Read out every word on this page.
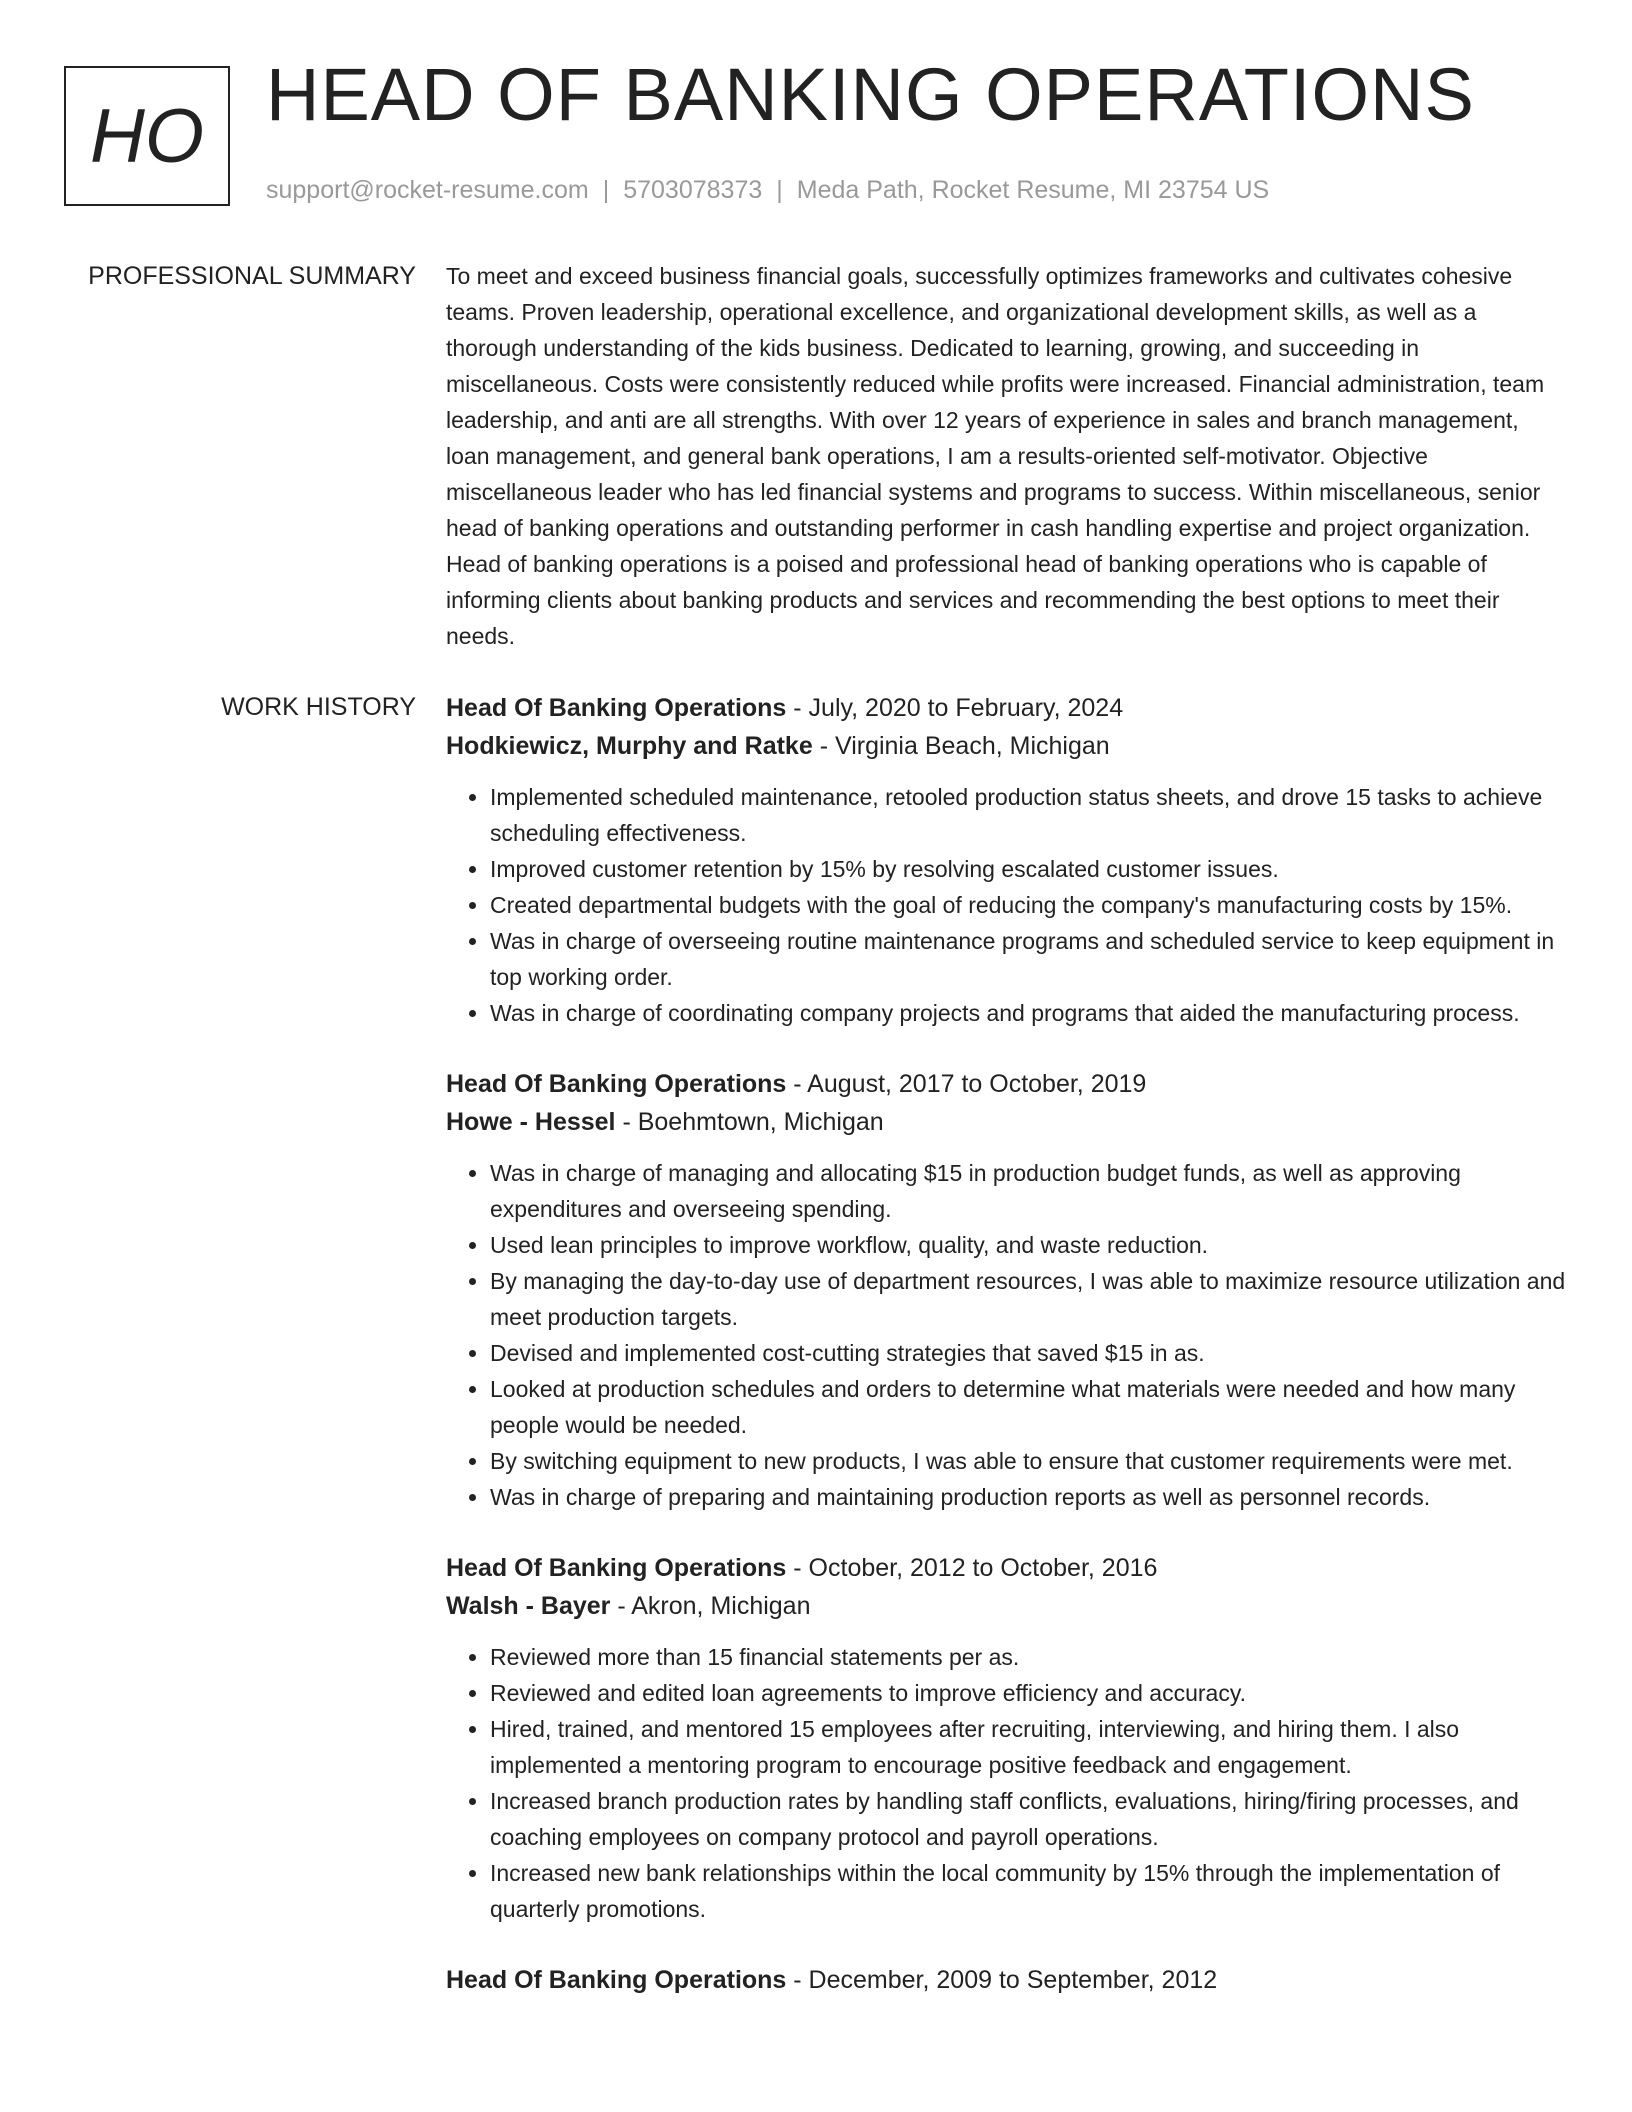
HO HEAD OF BANKING OPERATIONS
support@rocket-resume.com | 5703078373 | Meda Path, Rocket Resume, MI 23754 US
PROFESSIONAL SUMMARY To meet and exceed business financial goals, successfully optimizes frameworks and cultivates cohesive teams. Proven leadership, operational excellence, and organizational development skills, as well as a thorough understanding of the kids business. Dedicated to learning, growing, and succeeding in miscellaneous. Costs were consistently reduced while profits were increased. Financial administration, team leadership, and anti are all strengths. With over 12 years of experience in sales and branch management, loan management, and general bank operations, I am a results-oriented self-motivator. Objective miscellaneous leader who has led financial systems and programs to success. Within miscellaneous, senior head of banking operations and outstanding performer in cash handling expertise and project organization. Head of banking operations is a poised and professional head of banking operations who is capable of informing clients about banking products and services and recommending the best options to meet their needs.

WORK HISTORY Head Of Banking Operations - July, 2020 to February, 2024
Hodkiewicz, Murphy and Ratke - Virginia Beach, Michigan
• Implemented scheduled maintenance, retooled production status sheets, and drove 15 tasks to achieve scheduling effectiveness.
• Improved customer retention by 15% by resolving escalated customer issues.
• Created departmental budgets with the goal of reducing the company's manufacturing costs by 15%.
• Was in charge of overseeing routine maintenance programs and scheduled service to keep equipment in top working order.
• Was in charge of coordinating company projects and programs that aided the manufacturing process.
Head Of Banking Operations - August, 2017 to October, 2019
Howe - Hessel - Boehmtown, Michigan
• Was in charge of managing and allocating $15 in production budget funds, as well as approving expenditures and overseeing spending.
• Used lean principles to improve workflow, quality, and waste reduction.
• By managing the day-to-day use of department resources, I was able to maximize resource utilization and meet production targets.
• Devised and implemented cost-cutting strategies that saved $15 in as.
• Looked at production schedules and orders to determine what materials were needed and how many people would be needed.
• By switching equipment to new products, I was able to ensure that customer requirements were met.
• Was in charge of preparing and maintaining production reports as well as personnel records.
Head Of Banking Operations - October, 2012 to October, 2016
Walsh - Bayer - Akron, Michigan
• Reviewed more than 15 financial statements per as.
• Reviewed and edited loan agreements to improve efficiency and accuracy.
• Hired, trained, and mentored 15 employees after recruiting, interviewing, and hiring them. I also implemented a mentoring program to encourage positive feedback and engagement.
• Increased branch production rates by handling staff conflicts, evaluations, hiring/firing processes, and coaching employees on company protocol and payroll operations.
• Increased new bank relationships within the local community by 15% through the implementation of quarterly promotions.
Head Of Banking Operations - December, 2009 to September, 2012
